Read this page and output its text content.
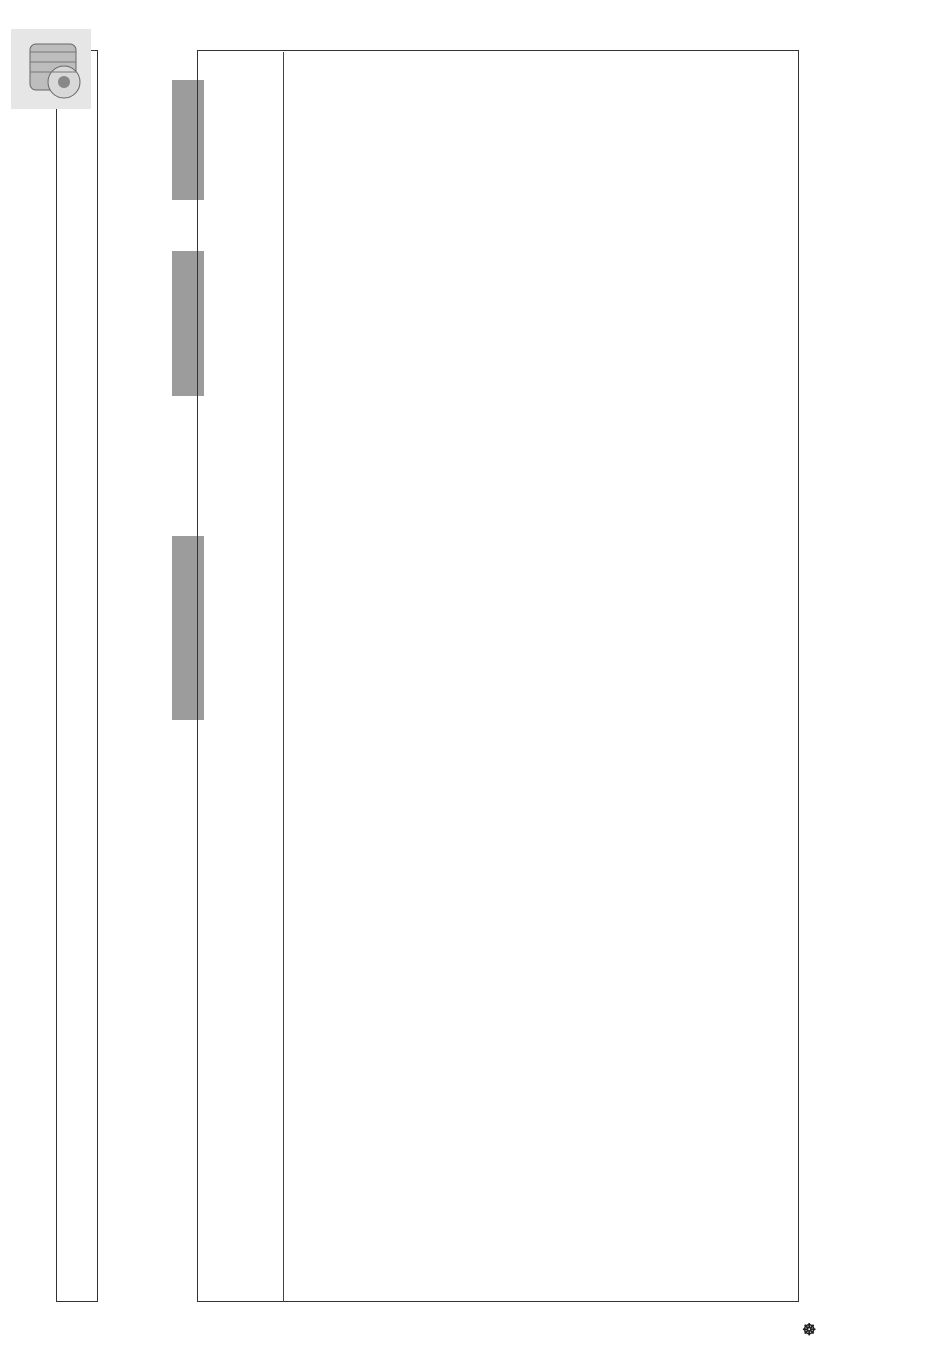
☸
